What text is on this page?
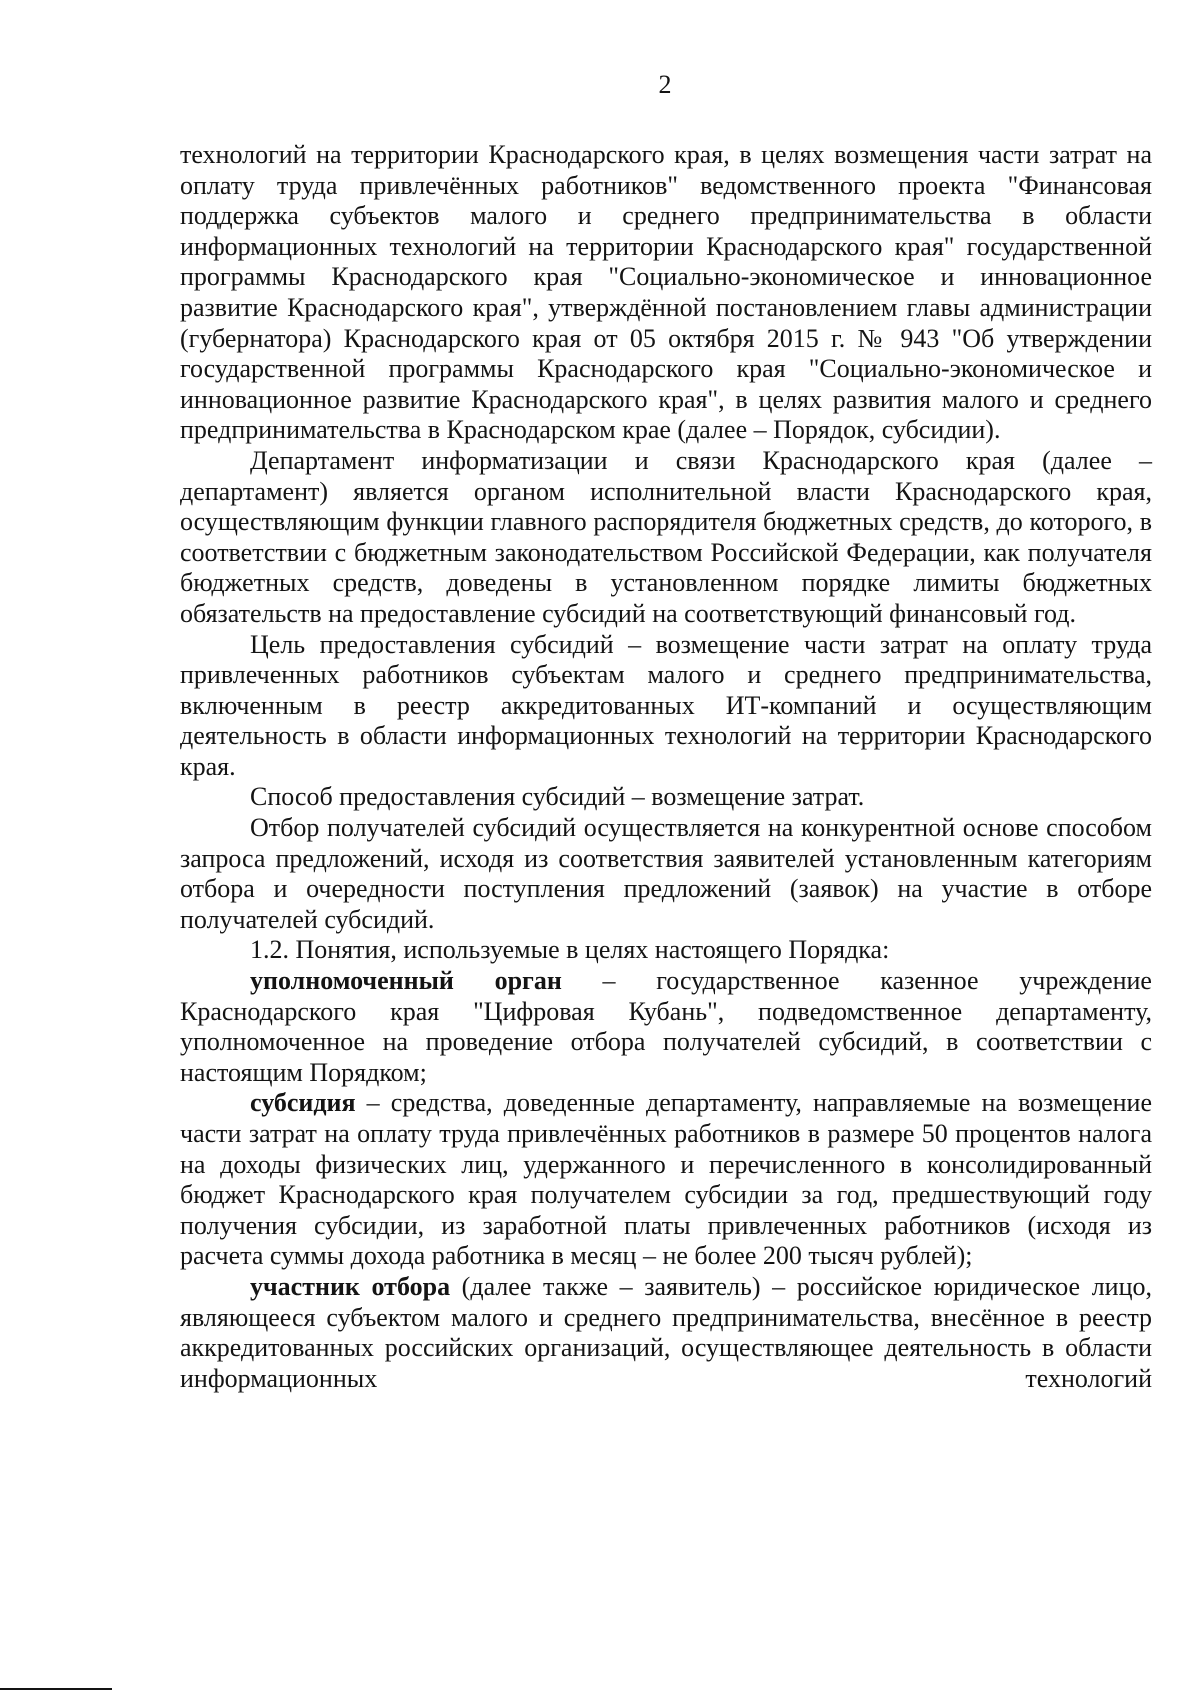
2

технологий на территории Краснодарского края, в целях возмещения части затрат на оплату труда привлечённых работников" ведомственного проекта "Финансовая поддержка субъектов малого и среднего предпринимательства в области информационных технологий на территории Краснодарского края" государственной программы Краснодарского края "Социально-экономическое и инновационное развитие Краснодарского края", утверждённой постановлением главы администрации (губернатора) Краснодарского края от 05 октября 2015 г. № 943 "Об утверждении государственной программы Краснодарского края "Социально-экономическое и инновационное развитие Краснодарского края", в целях развития малого и среднего предпринимательства в Краснодарском крае (далее – Порядок, субсидии).

Департамент информатизации и связи Краснодарского края (далее – департамент) является органом исполнительной власти Краснодарского края, осуществляющим функции главного распорядителя бюджетных средств, до которого, в соответствии с бюджетным законодательством Российской Федерации, как получателя бюджетных средств, доведены в установленном порядке лимиты бюджетных обязательств на предоставление субсидий на соответствующий финансовый год.

Цель предоставления субсидий – возмещение части затрат на оплату труда привлеченных работников субъектам малого и среднего предпринимательства, включенным в реестр аккредитованных ИТ-компаний и осуществляющим деятельность в области информационных технологий на территории Краснодарского края.

Способ предоставления субсидий – возмещение затрат.

Отбор получателей субсидий осуществляется на конкурентной основе способом запроса предложений, исходя из соответствия заявителей установленным категориям отбора и очередности поступления предложений (заявок) на участие в отборе получателей субсидий.

1.2. Понятия, используемые в целях настоящего Порядка:

уполномоченный орган – государственное казенное учреждение Краснодарского края "Цифровая Кубань", подведомственное департаменту, уполномоченное на проведение отбора получателей субсидий, в соответствии с настоящим Порядком;

субсидия – средства, доведенные департаменту, направляемые на возмещение части затрат на оплату труда привлечённых работников в размере 50 процентов налога на доходы физических лиц, удержанного и перечисленного в консолидированный бюджет Краснодарского края получателем субсидии за год, предшествующий году получения субсидии, из заработной платы привлеченных работников (исходя из расчета суммы дохода работника в месяц – не более 200 тысяч рублей);

участник отбора (далее также – заявитель) – российское юридическое лицо, являющееся субъектом малого и среднего предпринимательства, внесённое в реестр аккредитованных российских организаций, осуществляющее деятельность в области информационных технологий
